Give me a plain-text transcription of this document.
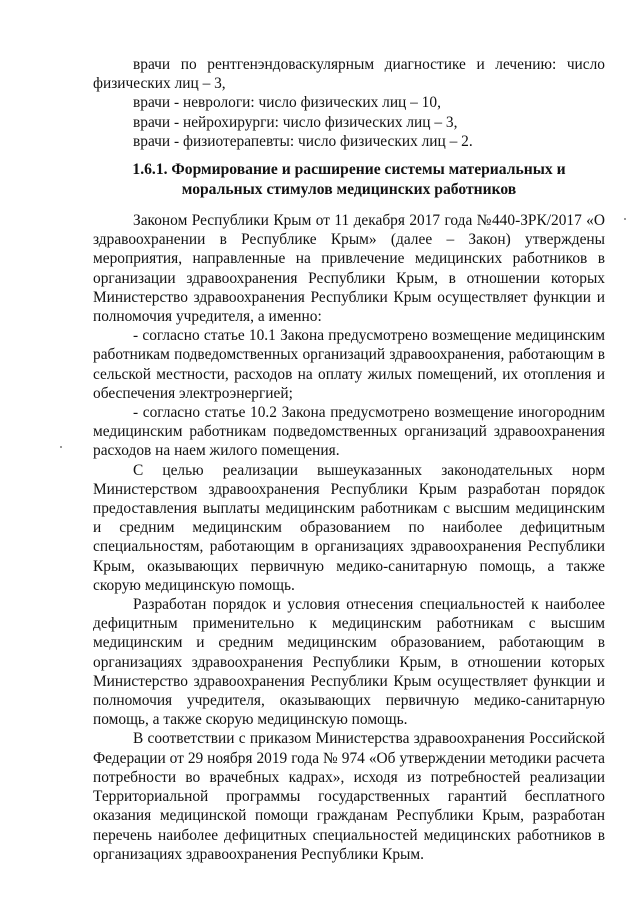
врачи по рентгенэндоваскулярным диагностике и лечению: число физических лиц – 3,

врачи - неврологи: число физических лиц – 10,

врачи - нейрохирурги: число физических лиц – 3,

врачи - физиотерапевты: число физических лиц – 2.

1.6.1. Формирование и расширение системы материальных и
моральных стимулов медицинских работников

Законом Республики Крым от 11 декабря 2017 года №440-ЗРК/2017 «О здравоохранении в Республике Крым» (далее – Закон) утверждены мероприятия, направленные на привлечение медицинских работников в организации здравоохранения Республики Крым, в отношении которых Министерство здравоохранения Республики Крым осуществляет функции и полномочия учредителя, а именно:

- согласно статье 10.1 Закона предусмотрено возмещение медицинским работникам подведомственных организаций здравоохранения, работающим в сельской местности, расходов на оплату жилых помещений, их отопления и обеспечения электроэнергией;

- согласно статье 10.2 Закона предусмотрено возмещение иногородним медицинским работникам подведомственных организаций здравоохранения расходов на наем жилого помещения.

С целью реализации вышеуказанных законодательных норм Министерством здравоохранения Республики Крым разработан порядок предоставления выплаты медицинским работникам с высшим медицинским и средним медицинским образованием по наиболее дефицитным специальностям, работающим в организациях здравоохранения Республики Крым, оказывающих первичную медико-санитарную помощь, а также скорую медицинскую помощь.

Разработан порядок и условия отнесения специальностей к наиболее дефицитным применительно к медицинским работникам с высшим медицинским и средним медицинским образованием, работающим в организациях здравоохранения Республики Крым, в отношении которых Министерство здравоохранения Республики Крым осуществляет функции и полномочия учредителя, оказывающих первичную медико-санитарную помощь, а также скорую медицинскую помощь.

В соответствии с приказом Министерства здравоохранения Российской Федерации от 29 ноября 2019 года № 974 «Об утверждении методики расчета потребности во врачебных кадрах», исходя из потребностей реализации Территориальной программы государственных гарантий бесплатного оказания медицинской помощи гражданам Республики Крым, разработан перечень наиболее дефицитных специальностей медицинских работников в организациях здравоохранения Республики Крым.
